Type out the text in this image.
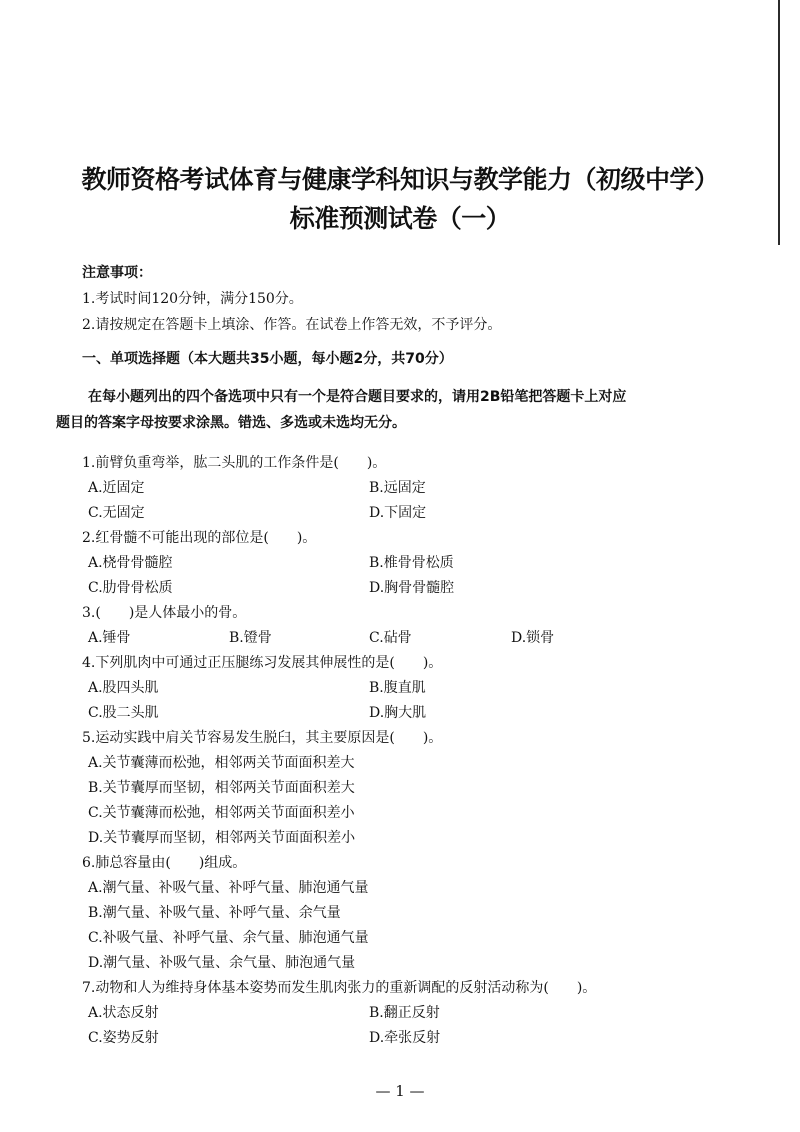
教师资格考试体育与健康学科知识与教学能力（初级中学）
标准预测试卷（一）
注意事项：
1.考试时间120分钟，满分150分。
2.请按规定在答题卡上填涂、作答。在试卷上作答无效，不予评分。
一、单项选择题（本大题共35小题，每小题2分，共70分）
在每小题列出的四个备选项中只有一个是符合题目要求的，请用2B铅笔把答题卡上对应
题目的答案字母按要求涂黑。错选、多选或未选均无分。
1.前臂负重弯举，肱二头肌的工作条件是(　　)。
A.近固定	B.远固定
C.无固定	D.下固定
2.红骨髓不可能出现的部位是(　　)。
A.桡骨骨髓腔	B.椎骨骨松质
C.肋骨骨松质	D.胸骨骨髓腔
3.(　　)是人体最小的骨。
A.锤骨	B.镫骨	C.砧骨	D.锁骨
4.下列肌肉中可通过正压腿练习发展其伸展性的是(　　)。
A.股四头肌	B.腹直肌
C.股二头肌	D.胸大肌
5.运动实践中肩关节容易发生脱臼，其主要原因是(　　)。
A.关节囊薄而松弛，相邻两关节面面积差大
B.关节囊厚而坚韧，相邻两关节面面积差大
C.关节囊薄而松弛，相邻两关节面面积差小
D.关节囊厚而坚韧，相邻两关节面面积差小
6.肺总容量由(　　)组成。
A.潮气量、补吸气量、补呼气量、肺泡通气量
B.潮气量、补吸气量、补呼气量、余气量
C.补吸气量、补呼气量、余气量、肺泡通气量
D.潮气量、补吸气量、余气量、肺泡通气量
7.动物和人为维持身体基本姿势而发生肌肉张力的重新调配的反射活动称为(　　)。
A.状态反射	B.翻正反射
C.姿势反射	D.牵张反射
— 1 —
